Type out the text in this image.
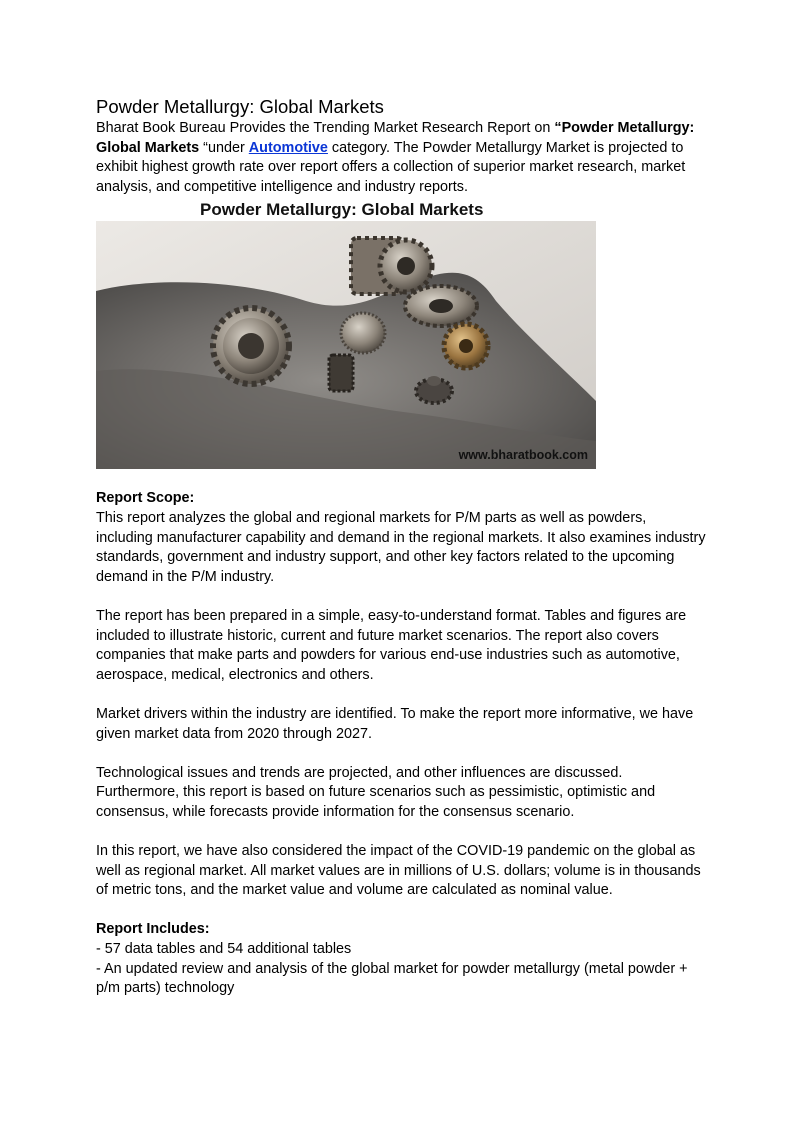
Powder Metallurgy: Global Markets

Bharat Book Bureau Provides the Trending Market Research Report on “Powder Metallurgy: Global Markets “under Automotive category. The Powder Metallurgy Market is projected to exhibit highest growth rate over report offers a collection of superior market research, market analysis, and competitive intelligence and industry reports.

Powder Metallurgy: Global Markets
www.bharatbook.com

Report Scope:

This report analyzes the global and regional markets for P/M parts as well as powders, including manufacturer capability and demand in the regional markets. It also examines industry standards, government and industry support, and other key factors related to the upcoming demand in the P/M industry.

The report has been prepared in a simple, easy-to-understand format. Tables and figures are included to illustrate historic, current and future market scenarios. The report also covers companies that make parts and powders for various end-use industries such as automotive, aerospace, medical, electronics and others.

Market drivers within the industry are identified. To make the report more informative, we have given market data from 2020 through 2027.

Technological issues and trends are projected, and other influences are discussed. Furthermore, this report is based on future scenarios such as pessimistic, optimistic and consensus, while forecasts provide information for the consensus scenario.

In this report, we have also considered the impact of the COVID-19 pandemic on the global as well as regional market. All market values are in millions of U.S. dollars; volume is in thousands of metric tons, and the market value and volume are calculated as nominal value.

Report Includes:

- 57 data tables and 54 additional tables

- An updated review and analysis of the global market for powder metallurgy (metal powder + p/m parts) technology
